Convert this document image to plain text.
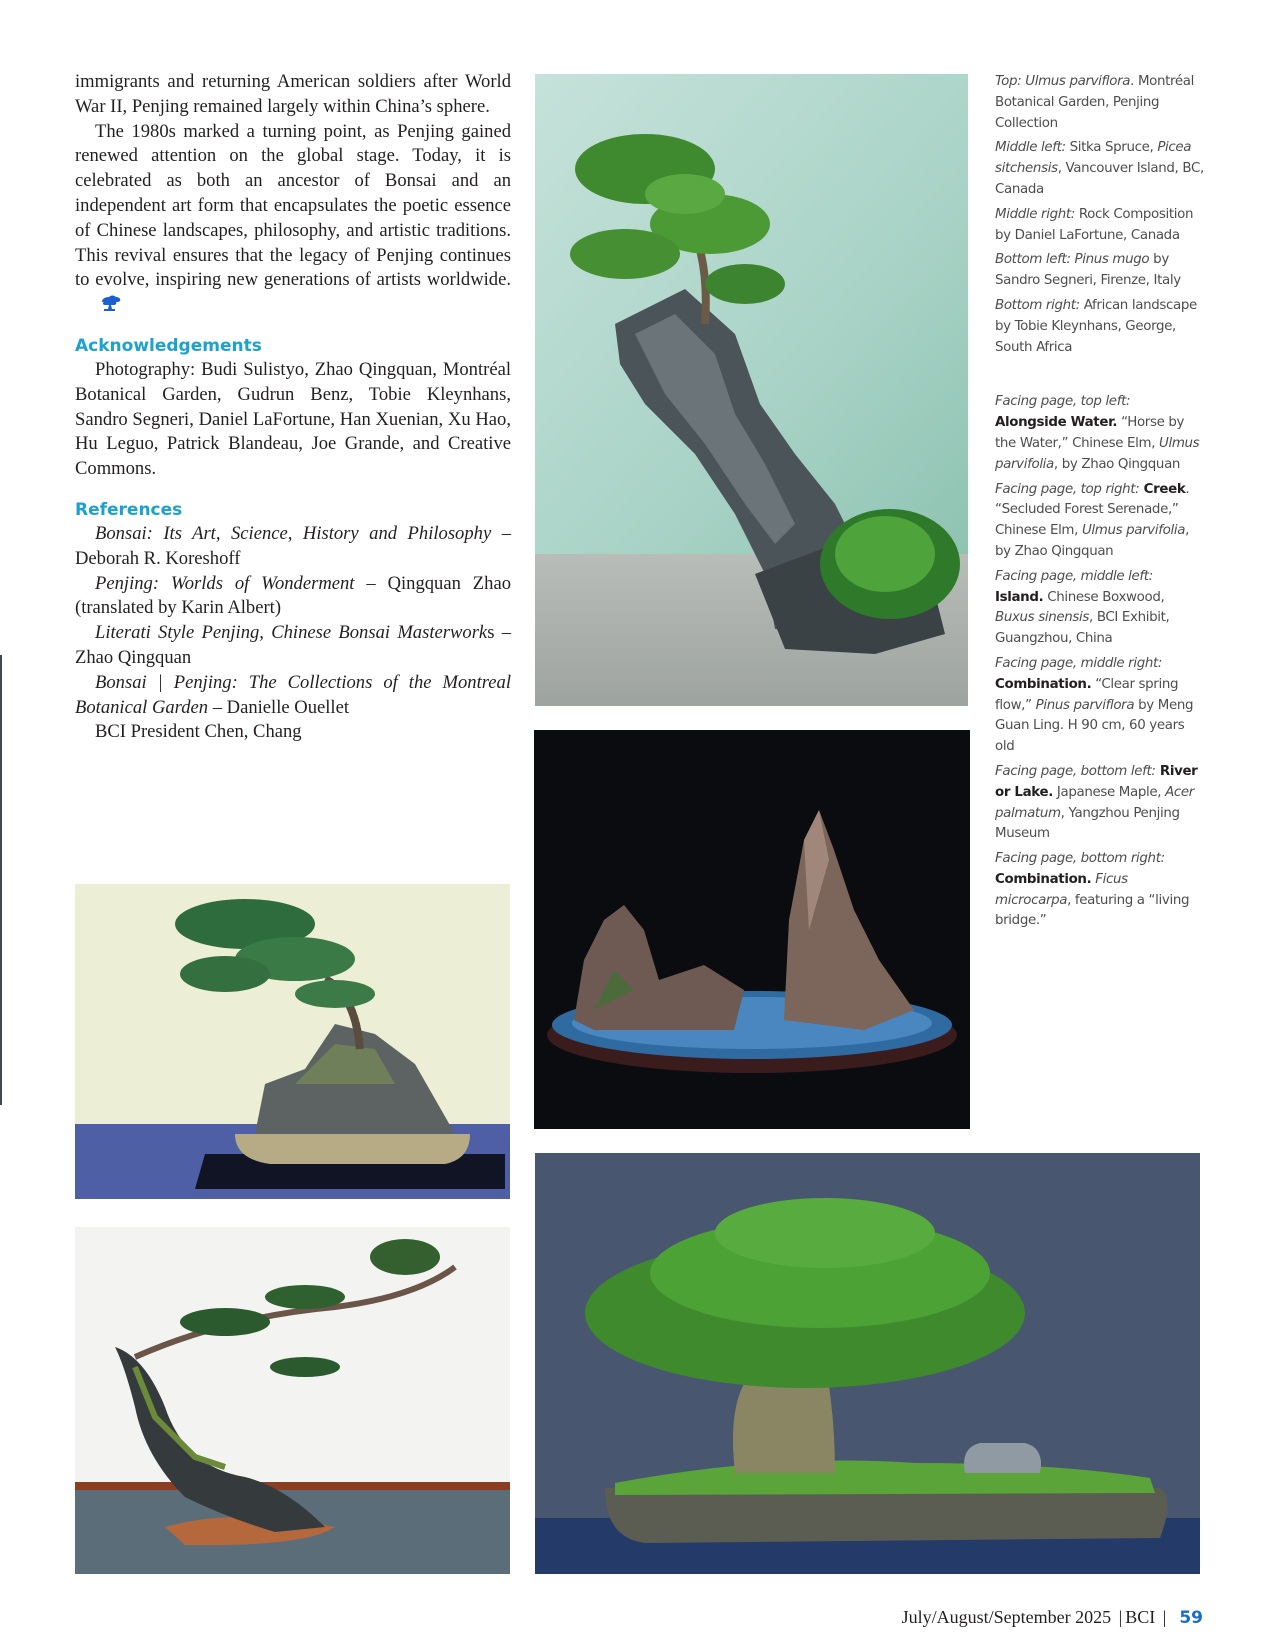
immigrants and returning American soldiers after World War II, Penjing remained largely within China’s sphere.

The 1980s marked a turning point, as Penjing gained renewed attention on the global stage. Today, it is celebrated as both an ancestor of Bonsai and an independent art form that encapsulates the poetic essence of Chinese landscapes, philosophy, and artistic traditions. This revival ensures that the legacy of Penjing continues to evolve, inspiring new generations of artists worldwide.

Acknowledgements

Photography: Budi Sulistyo, Zhao Qingquan, Montréal Botanical Garden, Gudrun Benz, Tobie Kleynhans, Sandro Segneri, Daniel LaFortune, Han Xuenian, Xu Hao, Hu Leguo, Patrick Blandeau, Joe Grande, and Creative Commons.

References

Bonsai: Its Art, Science, History and Philosophy – Deborah R. Koreshoff

Penjing: Worlds of Wonderment – Qingquan Zhao (translated by Karin Albert)

Literati Style Penjing, Chinese Bonsai Masterworks – Zhao Qingquan

Bonsai | Penjing: The Collections of the Montreal Botanical Garden – Danielle Ouellet

BCI President Chen, Chang

Top: Ulmus parviflora. Montréal Botanical Garden, Penjing Collection

Middle left: Sitka Spruce, Picea sitchensis, Vancouver Island, BC, Canada

Middle right: Rock Composition by Daniel LaFortune, Canada

Bottom left: Pinus mugo by Sandro Segneri, Firenze, Italy

Bottom right: African landscape by Tobie Kleynhans, George, South Africa

Facing page, top left: Alongside Water. “Horse by the Water,” Chinese Elm, Ulmus parvifolia, by Zhao Qingquan

Facing page, top right: Creek. “Secluded Forest Serenade,” Chinese Elm, Ulmus parvifolia, by Zhao Qingquan

Facing page, middle left: Island. Chinese Boxwood, Buxus sinensis, BCI Exhibit, Guangzhou, China

Facing page, middle right: Combination. “Clear spring flow,” Pinus parviflora by Meng Guan Ling. H 90 cm, 60 years old

Facing page, bottom left: River or Lake. Japanese Maple, Acer palmatum, Yangzhou Penjing Museum

Facing page, bottom right: Combination. Ficus microcarpa, featuring a “living bridge.”

July/August/September 2025 | BCI | 59
